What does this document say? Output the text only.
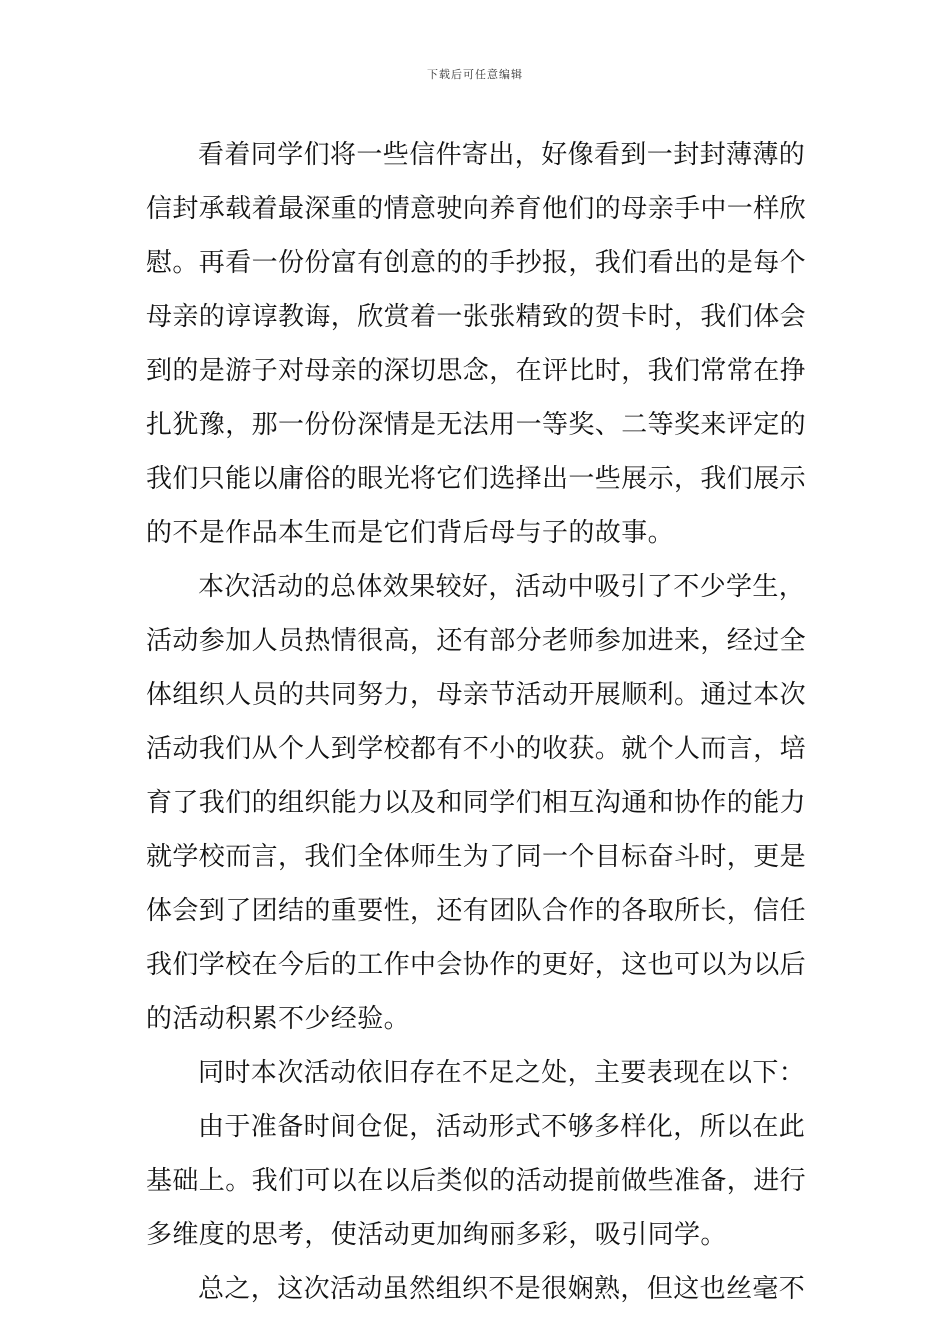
下载后可任意编辑
看着同学们将一些信件寄出，好像看到一封封薄薄的
信封承载着最深重的情意驶向养育他们的母亲手中一样欣
慰。再看一份份富有创意的的手抄报，我们看出的是每个
母亲的谆谆教诲，欣赏着一张张精致的贺卡时，我们体会
到的是游子对母亲的深切思念，在评比时，我们常常在挣
扎犹豫，那一份份深情是无法用一等奖、二等奖来评定的
我们只能以庸俗的眼光将它们选择出一些展示，我们展示
的不是作品本生而是它们背后母与子的故事。
本次活动的总体效果较好，活动中吸引了不少学生，
活动参加人员热情很高，还有部分老师参加进来，经过全
体组织人员的共同努力，母亲节活动开展顺利。通过本次
活动我们从个人到学校都有不小的收获。就个人而言，培
育了我们的组织能力以及和同学们相互沟通和协作的能力
就学校而言，我们全体师生为了同一个目标奋斗时，更是
体会到了团结的重要性，还有团队合作的各取所长，信任
我们学校在今后的工作中会协作的更好，这也可以为以后
的活动积累不少经验。
同时本次活动依旧存在不足之处，主要表现在以下：
由于准备时间仓促，活动形式不够多样化，所以在此
基础上。我们可以在以后类似的活动提前做些准备，进行
多维度的思考，使活动更加绚丽多彩，吸引同学。
总之，这次活动虽然组织不是很娴熟，但这也丝毫不
